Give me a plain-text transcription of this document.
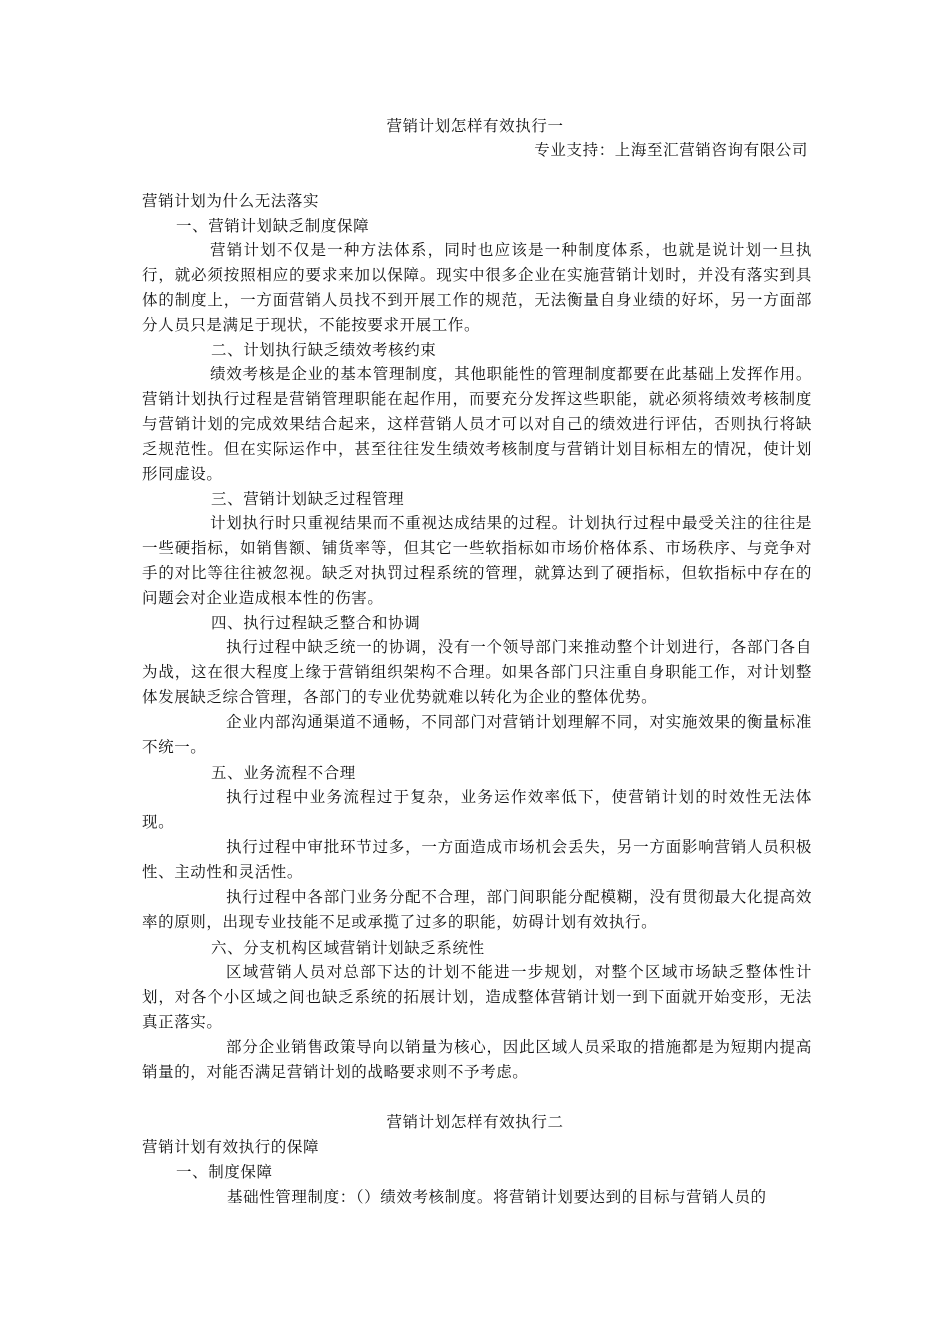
营销计划怎样有效执行一
专业支持：上海至汇营销咨询有限公司
营销计划为什么无法落实
一、营销计划缺乏制度保障
营销计划不仅是一种方法体系，同时也应该是一种制度体系，也就是说计划一旦执行，就必须按照相应的要求来加以保障。现实中很多企业在实施营销计划时，并没有落实到具体的制度上，一方面营销人员找不到开展工作的规范，无法衡量自身业绩的好坏，另一方面部分人员只是满足于现状，不能按要求开展工作。
二、计划执行缺乏绩效考核约束
绩效考核是企业的基本管理制度，其他职能性的管理制度都要在此基础上发挥作用。营销计划执行过程是营销管理职能在起作用，而要充分发挥这些职能，就必须将绩效考核制度与营销计划的完成效果结合起来，这样营销人员才可以对自己的绩效进行评估，否则执行将缺乏规范性。但在实际运作中，甚至往往发生绩效考核制度与营销计划目标相左的情况，使计划形同虚设。
三、营销计划缺乏过程管理
计划执行时只重视结果而不重视达成结果的过程。计划执行过程中最受关注的往往是一些硬指标，如销售额、铺货率等，但其它一些软指标如市场价格体系、市场秩序、与竞争对手的对比等往往被忽视。缺乏对执罚过程系统的管理，就算达到了硬指标，但软指标中存在的问题会对企业造成根本性的伤害。
四、执行过程缺乏整合和协调
执行过程中缺乏统一的协调，没有一个领导部门来推动整个计划进行，各部门各自为战，这在很大程度上缘于营销组织架构不合理。如果各部门只注重自身职能工作，对计划整体发展缺乏综合管理，各部门的专业优势就难以转化为企业的整体优势。
企业内部沟通渠道不通畅，不同部门对营销计划理解不同，对实施效果的衡量标准不统一。
五、业务流程不合理
执行过程中业务流程过于复杂，业务运作效率低下，使营销计划的时效性无法体现。
执行过程中审批环节过多，一方面造成市场机会丢失，另一方面影响营销人员积极性、主动性和灵活性。
执行过程中各部门业务分配不合理，部门间职能分配模糊，没有贯彻最大化提高效率的原则，出现专业技能不足或承揽了过多的职能，妨碍计划有效执行。
六、分支机构区域营销计划缺乏系统性
区域营销人员对总部下达的计划不能进一步规划，对整个区域市场缺乏整体性计划，对各个小区域之间也缺乏系统的拓展计划，造成整体营销计划一到下面就开始变形，无法真正落实。
部分企业销售政策导向以销量为核心，因此区域人员采取的措施都是为短期内提高销量的，对能否满足营销计划的战略要求则不予考虑。
营销计划怎样有效执行二
营销计划有效执行的保障
一、制度保障
基础性管理制度：（）绩效考核制度。将营销计划要达到的目标与营销人员的
